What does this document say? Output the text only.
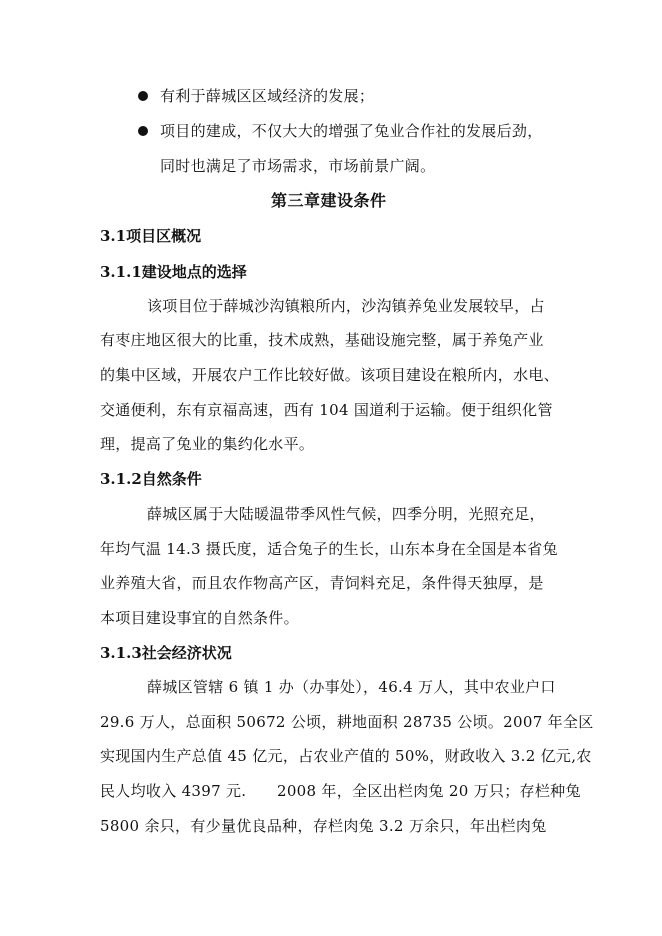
有利于薛城区区域经济的发展；
项目的建成，不仅大大的增强了兔业合作社的发展后劲，
同时也满足了市场需求，市场前景广阔。
第三章建设条件
3.1项目区概况
3.1.1建设地点的选择
该项目位于薛城沙沟镇粮所内，沙沟镇养兔业发展较早，占
有枣庄地区很大的比重，技术成熟，基础设施完整，属于养兔产业
的集中区域，开展农户工作比较好做。该项目建设在粮所内，水电、
交通便利，东有京福高速，西有 104 国道利于运输。便于组织化管
理，提高了兔业的集约化水平。
3.1.2自然条件
薛城区属于大陆暖温带季风性气候，四季分明，光照充足，
年均气温 14.3 摄氏度，适合兔子的生长，山东本身在全国是本省兔
业养殖大省，而且农作物高产区，青饲料充足，条件得天独厚，是
本项目建设事宜的自然条件。
3.1.3社会经济状况
薛城区管辖 6 镇 1 办（办事处），46.4 万人，其中农业户口
29.6 万人，总面积 50672 公顷，耕地面积 28735 公顷。2007 年全区
实现国内生产总值 45 亿元，占农业产值的 50%，财政收入 3.2 亿元,农
民人均收入 4397 元.　　2008 年，全区出栏肉兔 20 万只；存栏种兔
5800 余只，有少量优良品种，存栏肉兔 3.2 万余只，年出栏肉兔
